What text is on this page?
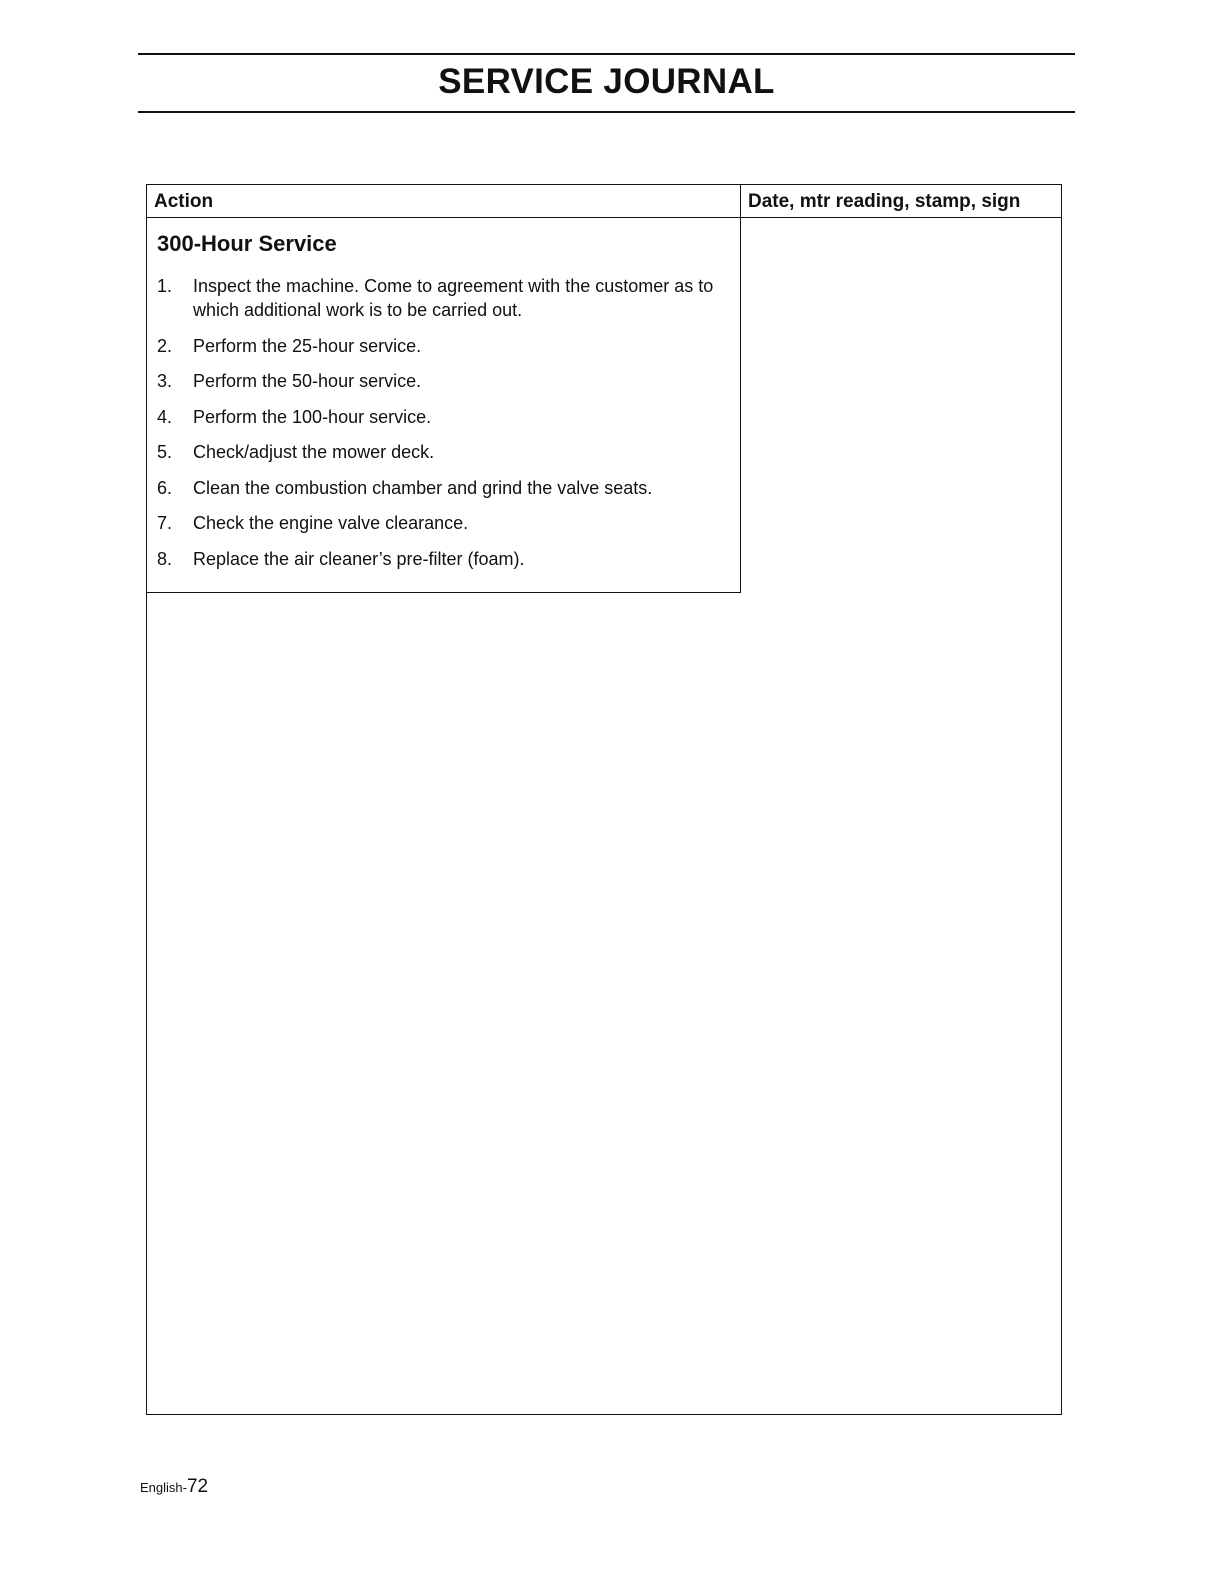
SERVICE JOURNAL
Action	Date, mtr reading, stamp, sign
300-Hour Service
1. Inspect the machine. Come to agreement with the customer as to which additional work is to be carried out.
2. Perform the 25-hour service.
3. Perform the 50-hour service.
4. Perform the 100-hour service.
5. Check/adjust the mower deck.
6. Clean the combustion chamber and grind the valve seats.
7. Check the engine valve clearance.
8. Replace the air cleaner’s pre-filter (foam).
English-72
